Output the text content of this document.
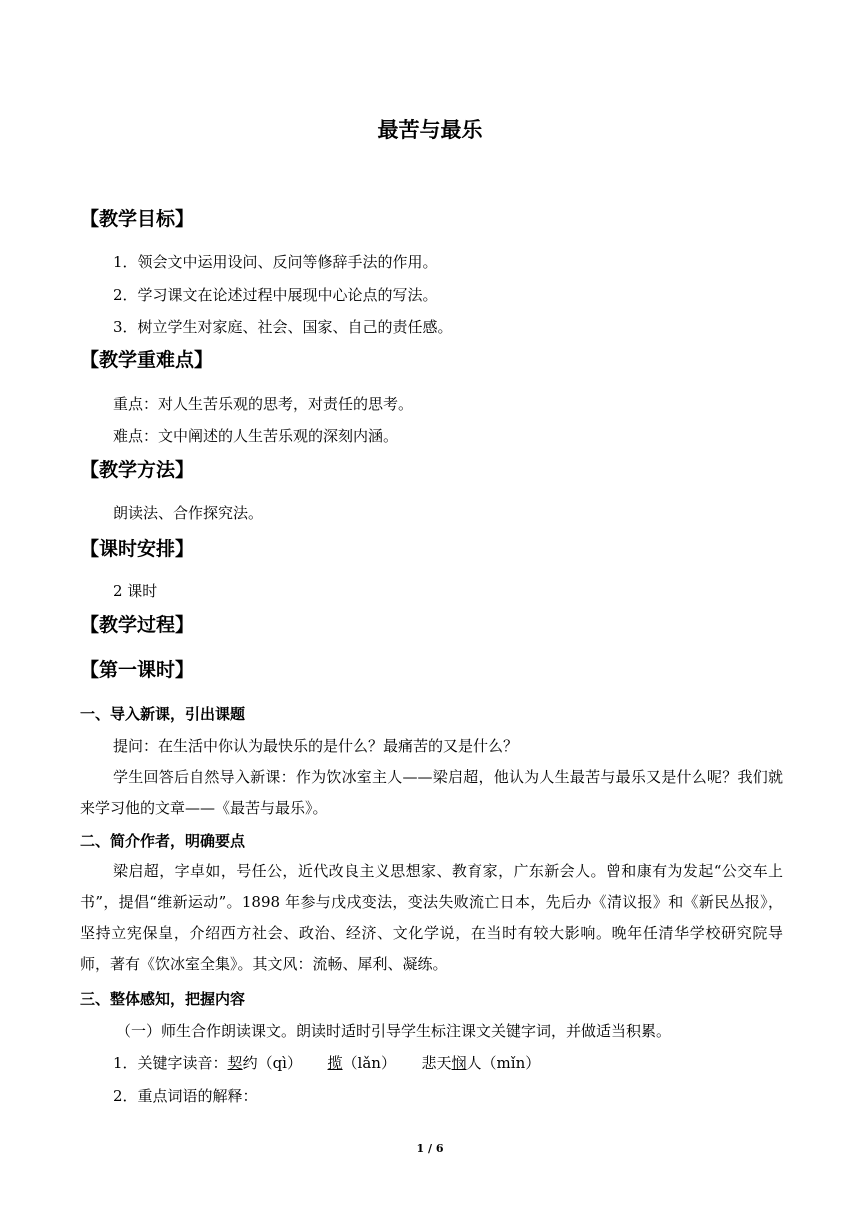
最苦与最乐
【教学目标】
1．领会文中运用设问、反问等修辞手法的作用。
2．学习课文在论述过程中展现中心论点的写法。
3．树立学生对家庭、社会、国家、自己的责任感。
【教学重难点】
重点：对人生苦乐观的思考，对责任的思考。
难点：文中阐述的人生苦乐观的深刻内涵。
【教学方法】
朗读法、合作探究法。
【课时安排】
2 课时
【教学过程】
【第一课时】
一、导入新课，引出课题
提问：在生活中你认为最快乐的是什么？最痛苦的又是什么？
学生回答后自然导入新课：作为饮冰室主人——梁启超，他认为人生最苦与最乐又是什么呢？我们就来学习他的文章——《最苦与最乐》。
二、简介作者，明确要点
梁启超，字卓如，号任公，近代改良主义思想家、教育家，广东新会人。曾和康有为发起“公交车上书”，提倡“维新运动”。1898 年参与戊戌变法，变法失败流亡日本，先后办《清议报》和《新民丛报》，坚持立宪保皇，介绍西方社会、政治、经济、文化学说，在当时有较大影响。晚年任清华学校研究院导师，著有《饮冰室全集》。其文风：流畅、犀利、凝练。
三、整体感知，把握内容
（一）师生合作朗读课文。朗读时适时引导学生标注课文关键字词，并做适当积累。
1．关键字读音：契约（qì） 揽（lǎn） 悲天悯人（mǐn）
2．重点词语的解释：
1 / 6
